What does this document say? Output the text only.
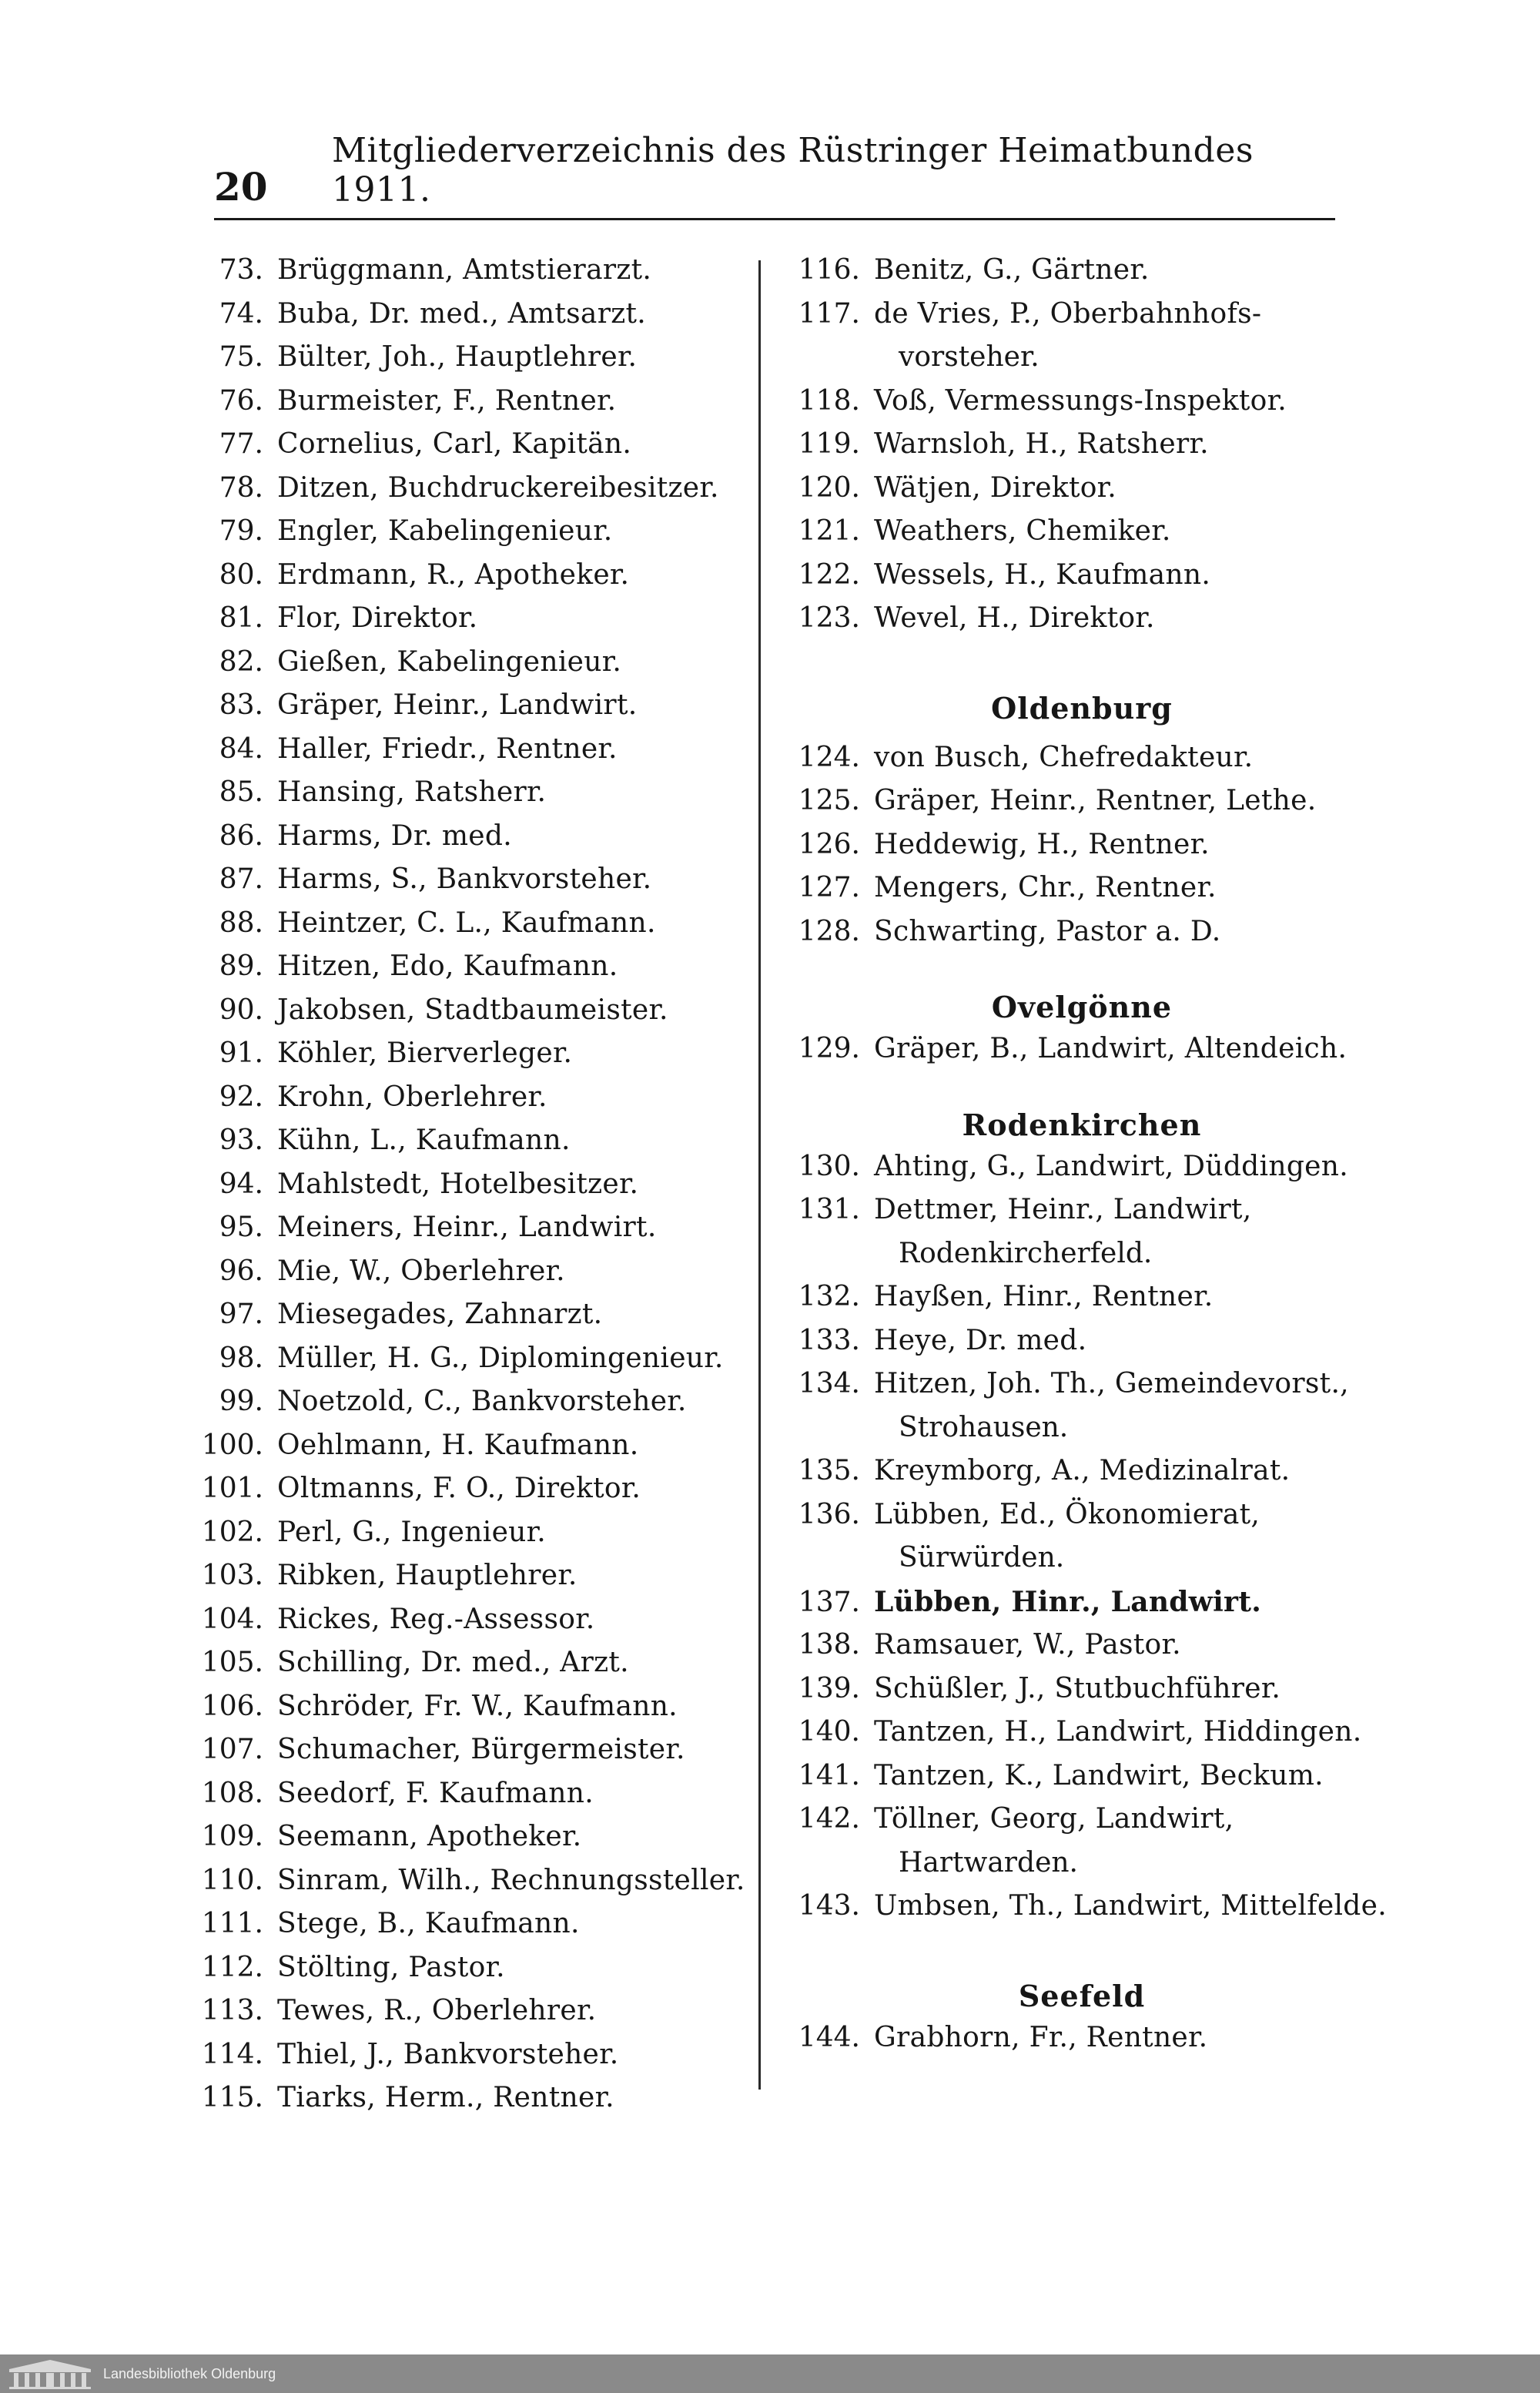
20
Mitgliederverzeichnis des Rüstringer Heimatbundes 1911.
73. Brüggmann, Amtstierarzt.
74. Buba, Dr. med., Amtsarzt.
75. Bülter, Joh., Hauptlehrer.
76. Burmeister, F., Rentner.
77. Cornelius, Carl, Kapitän.
78. Ditzen, Buchdruckereibesitzer.
79. Engler, Kabelingenieur.
80. Erdmann, R., Apotheker.
81. Flor, Direktor.
82. Gießen, Kabelingenieur.
83. Gräper, Heinr., Landwirt.
84. Haller, Friedr., Rentner.
85. Hansing, Ratsherr.
86. Harms, Dr. med.
87. Harms, S., Bankvorsteher.
88. Heintzer, C. L., Kaufmann.
89. Hitzen, Edo, Kaufmann.
90. Jakobsen, Stadtbaumeister.
91. Köhler, Bierverleger.
92. Krohn, Oberlehrer.
93. Kühn, L., Kaufmann.
94. Mahlstedt, Hotelbesitzer.
95. Meiners, Heinr., Landwirt.
96. Mie, W., Oberlehrer.
97. Miesegades, Zahnarzt.
98. Müller, H. G., Diplomingenieur.
99. Noetzold, C., Bankvorsteher.
100. Oehlmann, H. Kaufmann.
101. Oltmanns, F. O., Direktor.
102. Perl, G., Ingenieur.
103. Ribken, Hauptlehrer.
104. Rickes, Reg.-Assessor.
105. Schilling, Dr. med., Arzt.
106. Schröder, Fr. W., Kaufmann.
107. Schumacher, Bürgermeister.
108. Seedorf, F. Kaufmann.
109. Seemann, Apotheker.
110. Sinram, Wilh., Rechnungssteller.
111. Stege, B., Kaufmann.
112. Stölting, Pastor.
113. Tewes, R., Oberlehrer.
114. Thiel, J., Bankvorsteher.
115. Tiarks, Herm., Rentner.
116. Benitz, G., Gärtner.
117. de Vries, P., Oberbahnhofs-
vorsteher.
118. Voß, Vermessungs-Inspektor.
119. Warnsloh, H., Ratsherr.
120. Wätjen, Direktor.
121. Weathers, Chemiker.
122. Wessels, H., Kaufmann.
123. Wevel, H., Direktor.
Oldenburg
124. von Busch, Chefredakteur.
125. Gräper, Heinr., Rentner, Lethe.
126. Heddewig, H., Rentner.
127. Mengers, Chr., Rentner.
128. Schwarting, Pastor a. D.
Ovelgönne
129. Gräper, B., Landwirt, Altendeich.
Rodenkirchen
130. Ahting, G., Landwirt, Düddingen.
131. Dettmer, Heinr., Landwirt,
Rodenkircherfeld.
132. Hayßen, Hinr., Rentner.
133. Heye, Dr. med.
134. Hitzen, Joh. Th., Gemeindevorst.,
Strohausen.
135. Kreymborg, A., Medizinalrat.
136. Lübben, Ed., Ökonomierat,
Sürwürden.
137. Lübben, Hinr., Landwirt.
138. Ramsauer, W., Pastor.
139. Schüßler, J., Stutbuchführer.
140. Tantzen, H., Landwirt, Hiddingen.
141. Tantzen, K., Landwirt, Beckum.
142. Töllner, Georg, Landwirt,
Hartwarden.
143. Umbsen, Th., Landwirt, Mittelfelde.
Seefeld
144. Grabhorn, Fr., Rentner.
Landesbibliothek Oldenburg
